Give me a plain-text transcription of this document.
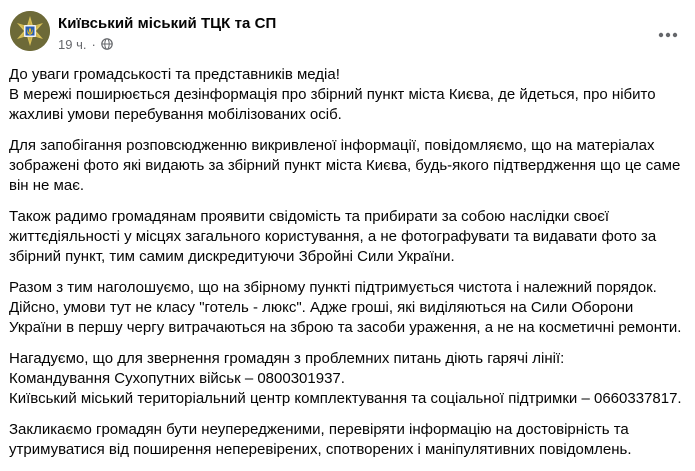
Київський міський ТЦК та СП
19 ч. ·

До уваги громадськості та представників медіа!
В мережі поширюється дезінформація про збірний пункт міста Києва, де йдеться, про нібито
жахливі умови перебування мобілізованих осіб.

Для запобігання розповсюдженню викривленої інформації, повідомляємо, що на матеріалах
зображені фото які видають за збірний пункт міста Києва, будь-якого підтвердження що це саме
він не має.

Також радимо громадянам проявити свідомість та прибирати за собою наслідки своєї
життєдіяльності у місцях загального користування, а не фотографувати та видавати фото за
збірний пункт, тим самим дискредитуючи Збройні Сили України.

Разом з тим наголошуємо, що на збірному пункті підтримується чистота і належний порядок.
Дійсно, умови тут не класу "готель - люкс". Адже гроші, які виділяються на Сили Оборони
України в першу чергу витрачаються на зброю та засоби ураження, а не на косметичні ремонти.

Нагадуємо, що для звернення громадян з проблемних питань діють гарячі лінії:
Командування Сухопутних військ – 0800301937.
Київський міський територіальний центр комплектування та соціальної підтримки – 0660337817.

Закликаємо громадян бути неупередженими, перевіряти інформацію на достовірність та
утримуватися від поширення неперевірених, спотворених і маніпулятивних повідомлень.
